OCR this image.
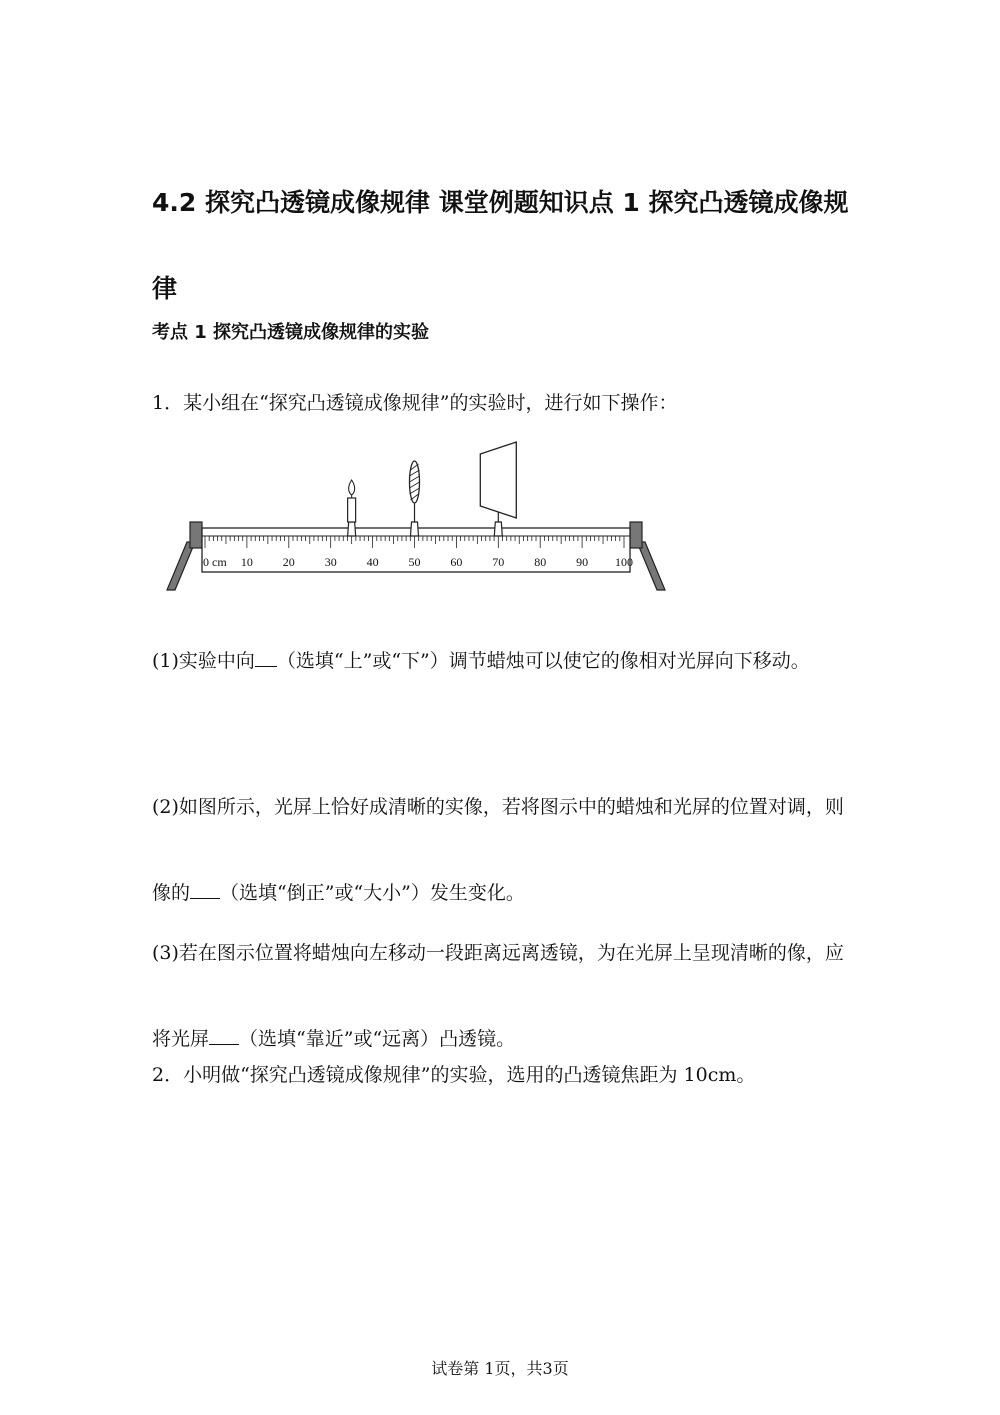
4.2 探究凸透镜成像规律 课堂例题知识点 1 探究凸透镜成像规律
考点 1 探究凸透镜成像规律的实验

1．某小组在“探究凸透镜成像规律”的实验时，进行如下操作：

0 cm 10 20 30 40 50 60 70 80 90 100

(1)实验中向 （选填“上”或“下”）调节蜡烛可以使它的像相对光屏向下移动。

(2)如图所示，光屏上恰好成清晰的实像，若将图示中的蜡烛和光屏的位置对调，则像的 （选填“倒正”或“大小”）发生变化。

(3)若在图示位置将蜡烛向左移动一段距离远离透镜，为在光屏上呈现清晰的像，应将光屏 （选填“靠近”或“远离）凸透镜。

2．小明做“探究凸透镜成像规律”的实验，选用的凸透镜焦距为 10cm。

试卷第 1页，共3页
